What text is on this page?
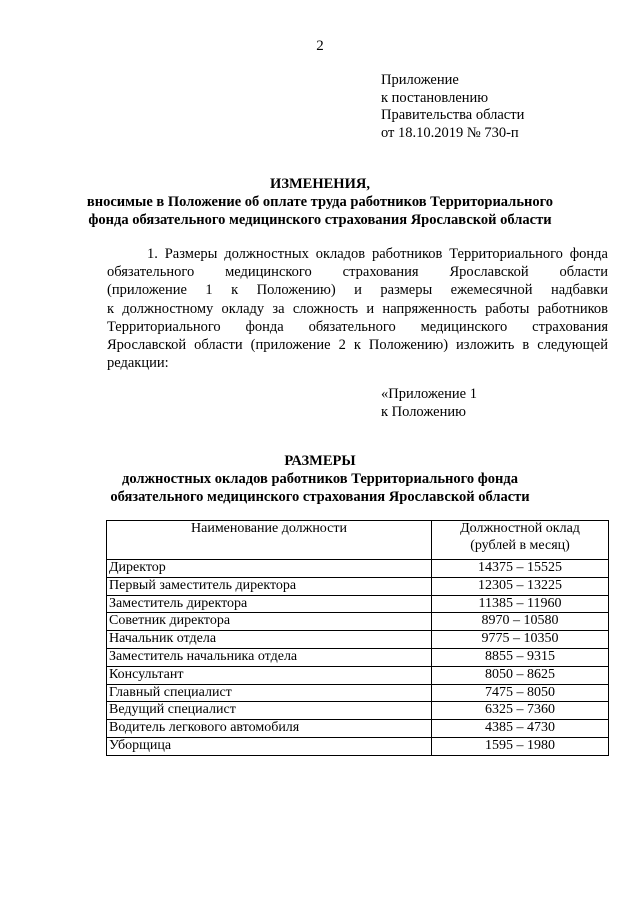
2
Приложение
к постановлению
Правительства области
от 18.10.2019 № 730-п
ИЗМЕНЕНИЯ,
вносимые в Положение об оплате труда работников Территориального
фонда обязательного медицинского страхования Ярославской области
1. Размеры должностных окладов работников Территориального фонда
обязательного медицинского страхования Ярославской области
(приложение 1 к Положению) и размеры ежемесячной надбавки
к должностному окладу за сложность и напряженность работы работников
Территориального фонда обязательного медицинского страхования
Ярославской области (приложение 2 к Положению) изложить в следующей
редакции:
«Приложение 1
к Положению
РАЗМЕРЫ
должностных окладов работников Территориального фонда
обязательного медицинского страхования Ярославской области
Наименование должности	Должностной оклад
(рублей в месяц)

Директор	14375 – 15525
Первый заместитель директора	12305 – 13225
Заместитель директора	11385 – 11960
Советник директора	8970 – 10580
Начальник отдела	9775 – 10350
Заместитель начальника отдела	8855 – 9315
Консультант	8050 – 8625
Главный специалист	7475 – 8050
Ведущий специалист	6325 – 7360
Водитель легкового автомобиля	4385 – 4730
Уборщица	1595 – 1980
